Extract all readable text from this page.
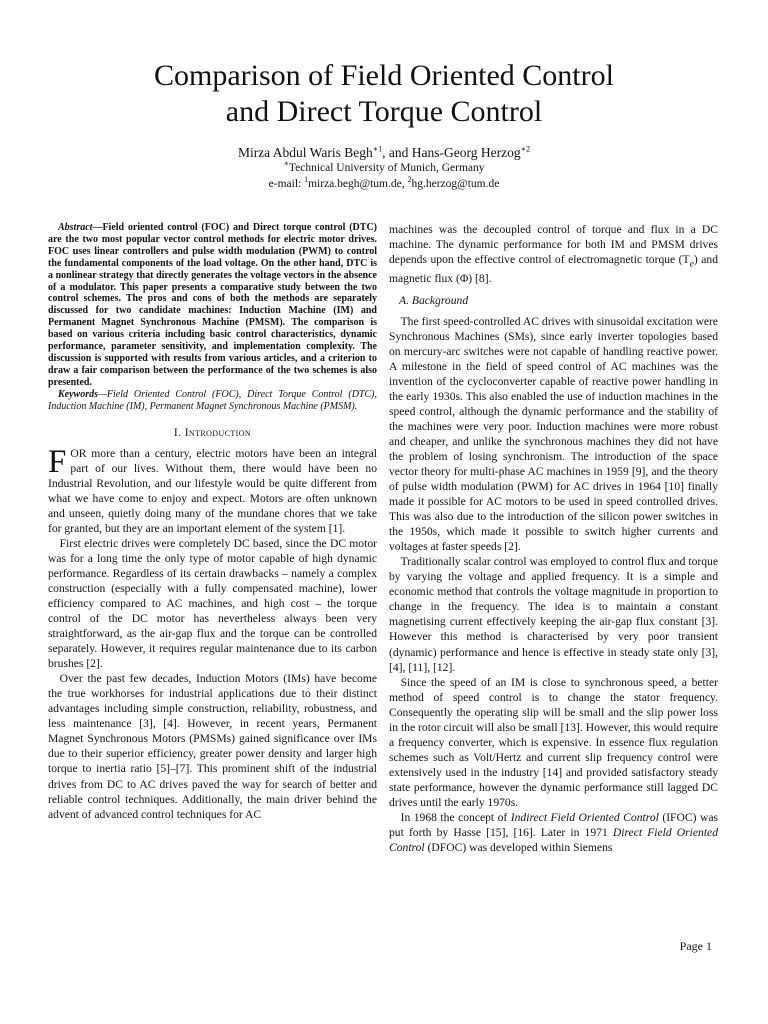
Comparison of Field Oriented Control
and Direct Torque Control
Mirza Abdul Waris Begh$^{∗1}$, and Hans-Georg Herzog$^{∗2}$
∗Technical University of Munich, Germany
e-mail: $^1$mirza.begh@tum.de, $^2$hg.herzog@tum.de

Abstract—Field oriented control (FOC) and Direct torque control (DTC) are the two most popular vector control methods for electric motor drives. FOC uses linear controllers and pulse width modulation (PWM) to control the fundamental components of the load voltage. On the other hand, DTC is a nonlinear strategy that directly generates the voltage vectors in the absence of a modulator. This paper presents a comparative study between the two control schemes. The pros and cons of both the methods are separately discussed for two candidate machines: Induction Machine (IM) and Permanent Magnet Synchronous Machine (PMSM). The comparison is based on various criteria including basic control characteristics, dynamic performance, parameter sensitivity, and implementation complexity. The discussion is supported with results from various articles, and a criterion to draw a fair comparison between the performance of the two schemes is also presented.

Keywords—Field Oriented Control (FOC), Direct Torque Control (DTC), Induction Machine (IM), Permanent Magnet Synchronous Machine (PMSM).

I. Introduction

FOR more than a century, electric motors have been an integral part of our lives. Without them, there would have been no Industrial Revolution, and our lifestyle would be quite different from what we have come to enjoy and expect. Motors are often unknown and unseen, quietly doing many of the mundane chores that we take for granted, but they are an important element of the system [1].

First electric drives were completely DC based, since the DC motor was for a long time the only type of motor capable of high dynamic performance. Regardless of its certain drawbacks – namely a complex construction (especially with a fully compensated machine), lower efficiency compared to AC machines, and high cost – the torque control of the DC motor has nevertheless always been very straightforward, as the air-gap flux and the torque can be controlled separately. However, it requires regular maintenance due to its carbon brushes [2].

Over the past few decades, Induction Motors (IMs) have become the true workhorses for industrial applications due to their distinct advantages including simple construction, reliability, robustness, and less maintenance [3], [4]. However, in recent years, Permanent Magnet Synchronous Motors (PMSMs) gained significance over IMs due to their superior efficiency, greater power density and larger high torque to inertia ratio [5]–[7]. This prominent shift of the industrial drives from DC to AC drives paved the way for search of better and reliable control techniques. Additionally, the main driver behind the advent of advanced control techniques for AC

machines was the decoupled control of torque and flux in a DC machine. The dynamic performance for both IM and PMSM drives depends upon the effective control of electromagnetic torque $(T_e)$ and magnetic flux (Φ) [8].

A. Background

The first speed-controlled AC drives with sinusoidal excitation were Synchronous Machines (SMs), since early inverter topologies based on mercury-arc switches were not capable of handling reactive power. A milestone in the field of speed control of AC machines was the invention of the cycloconverter capable of reactive power handling in the early 1930s. This also enabled the use of induction machines in the speed control, although the dynamic performance and the stability of the machines were very poor. Induction machines were more robust and cheaper, and unlike the synchronous machines they did not have the problem of losing synchronism. The introduction of the space vector theory for multi-phase AC machines in 1959 [9], and the theory of pulse width modulation (PWM) for AC drives in 1964 [10] finally made it possible for AC motors to be used in speed controlled drives. This was also due to the introduction of the silicon power switches in the 1950s, which made it possible to switch higher currents and voltages at faster speeds [2].

Traditionally scalar control was employed to control flux and torque by varying the voltage and applied frequency. It is a simple and economic method that controls the voltage magnitude in proportion to change in the frequency. The idea is to maintain a constant magnetising current effectively keeping the air-gap flux constant [3]. However this method is characterised by very poor transient (dynamic) performance and hence is effective in steady state only [3], [4], [11], [12].

Since the speed of an IM is close to synchronous speed, a better method of speed control is to change the stator frequency. Consequently the operating slip will be small and the slip power loss in the rotor circuit will also be small [13]. However, this would require a frequency converter, which is expensive. In essence flux regulation schemes such as Volt/Hertz and current slip frequency control were extensively used in the industry [14] and provided satisfactory steady state performance, however the dynamic performance still lagged DC drives until the early 1970s.

In 1968 the concept of Indirect Field Oriented Control (IFOC) was put forth by Hasse [15], [16]. Later in 1971 Direct Field Oriented Control (DFOC) was developed within Siemens

Page 1
